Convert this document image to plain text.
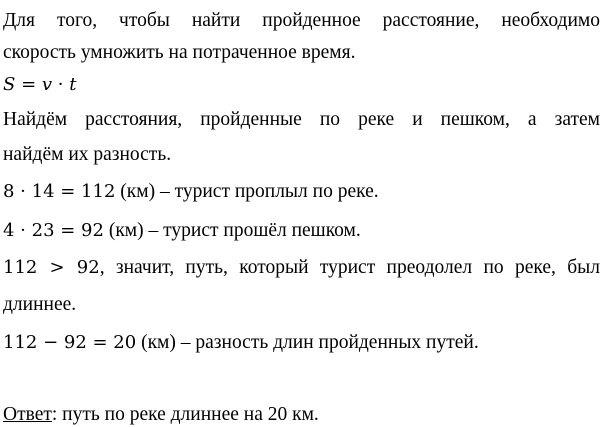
Для того, чтобы найти пройденное расстояние, необходимо
скорость умножить на потраченное время.
S = v · t
Найдём расстояния, пройденные по реке и пешком, а затем
найдём их разность.
8 · 14 = 112 (км) – турист проплыл по реке.
4 · 23 = 92 (км) – турист прошёл пешком.
112 > 92, значит, путь, который турист преодолел по реке, был
длиннее.
112 − 92 = 20 (км) – разность длин пройденных путей.
Ответ: путь по реке длиннее на 20 км.
